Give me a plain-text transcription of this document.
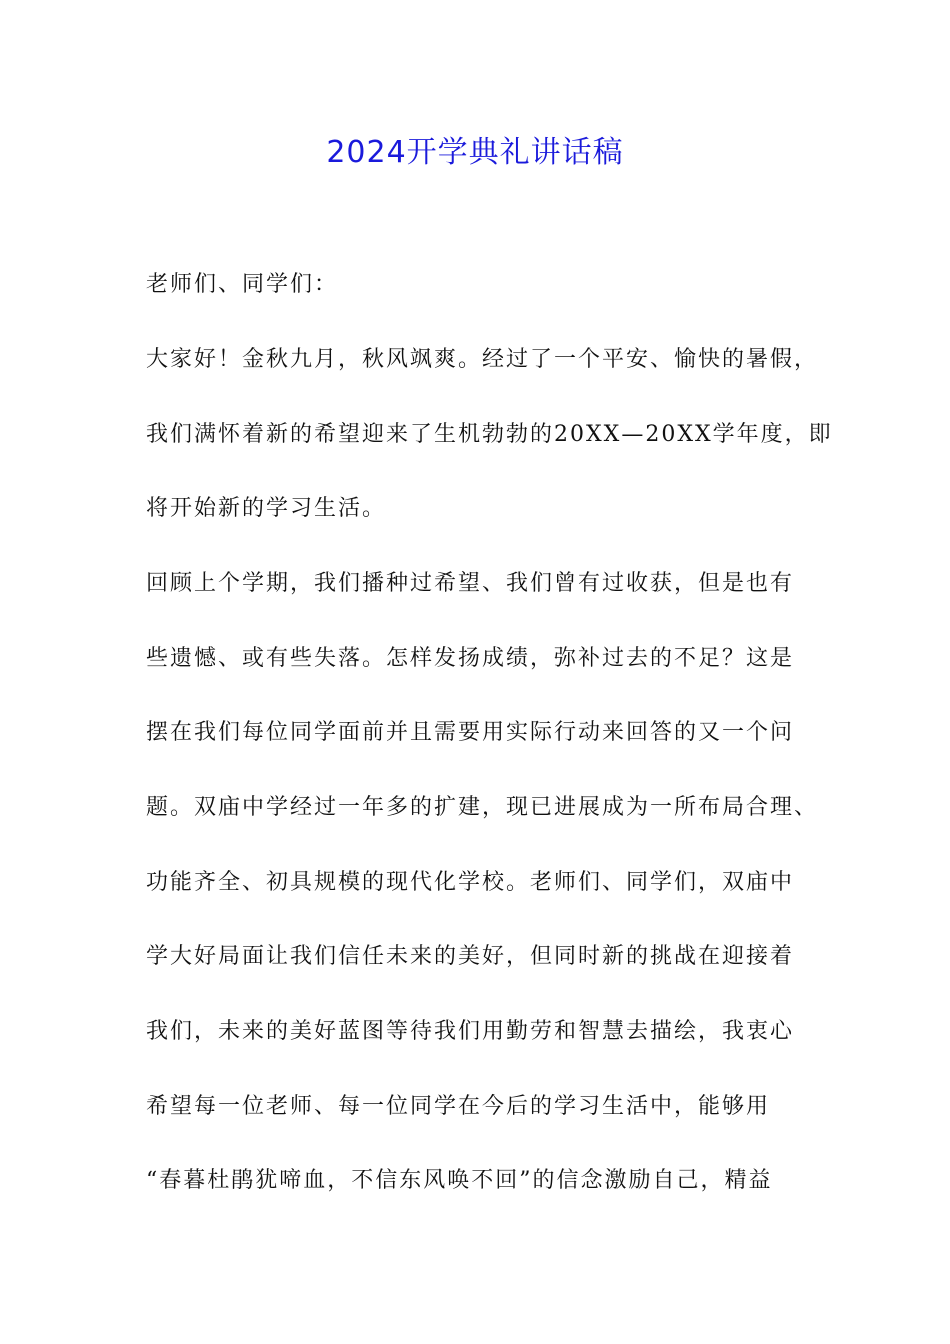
2024开学典礼讲话稿
老师们、同学们：
大家好！金秋九月，秋风飒爽。经过了一个平安、愉快的暑假，
我们满怀着新的希望迎来了生机勃勃的20XX—20XX学年度，即
将开始新的学习生活。
回顾上个学期，我们播种过希望、我们曾有过收获，但是也有
些遗憾、或有些失落。怎样发扬成绩，弥补过去的不足？这是
摆在我们每位同学面前并且需要用实际行动来回答的又一个问
题。双庙中学经过一年多的扩建，现已进展成为一所布局合理、
功能齐全、初具规模的现代化学校。老师们、同学们，双庙中
学大好局面让我们信任未来的美好，但同时新的挑战在迎接着
我们，未来的美好蓝图等待我们用勤劳和智慧去描绘，我衷心
希望每一位老师、每一位同学在今后的学习生活中，能够用
“春暮杜鹃犹啼血，不信东风唤不回”的信念激励自己，精益
